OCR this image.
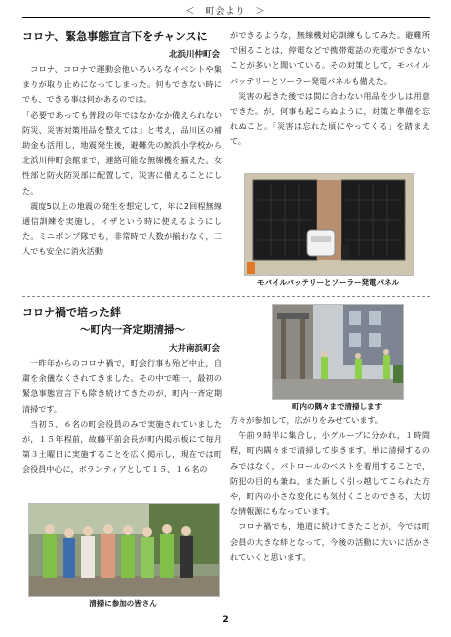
＜　町会より　＞
コロナ、緊急事態宣言下をチャンスに
北浜川仲町会

コロナ、コロナで運動会他いろいろなイベントや集まりが取り止めになってしまった。何もできない時にでも、できる事は何かあるのでは。

「必要であっても普段の年ではなかなか備えられない防災、災害対策用品を整えては」と考え，品川区の補助金も活用し，地震発生後，避難先の鮫浜小学校から北浜川仲町会館まで，連絡可能な無線機を揃えた。女性部と防火防災部に配置して，災害に備えることにした。

震度5以上の地震の発生を想定して，年に2回程無線通信訓練を実施し，イザという時に使えるようにした。ミニポンプ隊でも，非常時で人数が揃わなく，二人でも安全に消火活動

ができるような，無線機対応訓練もしてみた。避難所で困ることは，停電などで携帯電話の充電ができないことが多いと聞いている。その対策として，モバイルバッテリーとソーラー発電パネルも備えた。

災害の起きた後では間に合わない用品を少しは用意できた。が，何事も起こらぬように，対策と準備を忘れぬこと。「災害は忘れた頃にやってくる」を踏まえて。

モバイルバッテリーとソーラー発電パネル
コロナ禍で培った絆
～町内一斉定期清掃～
大井南浜町会

一昨年からのコロナ禍で，町会行事も殆ど中止，自粛を余儀なくされてきました。その中で唯一，最初の緊急事態宣言下も除き続けてきたのが，町内一斉定期清掃です。

当初５、６名の町会役員のみで実施されていましたが，１５年程前，故藤平前会長が町内掲示板にて毎月第３土曜日に実施することを広く掲示し，現在では町会役員中心に，ボランティアとして１５、１６名の

清掃に参加の皆さん
町内の隅々まで清掃します

方々が参加して，広がりをみせています。

午前９時半に集合し，小グループに分かれ，１時間程，町内隅々まで清掃して歩きます。単に清掃するのみではなく，パトロールのベストを着用することで，防犯の目的も兼ね，また新しく引っ越してこられた方や，町内の小さな変化にも気付くことのできる，大切な情報源にもなっています。

コロナ禍でも，地道に続けてきたことが，今では町会員の大きな絆となって，今後の活動に大いに活かされていくと思います。

2
